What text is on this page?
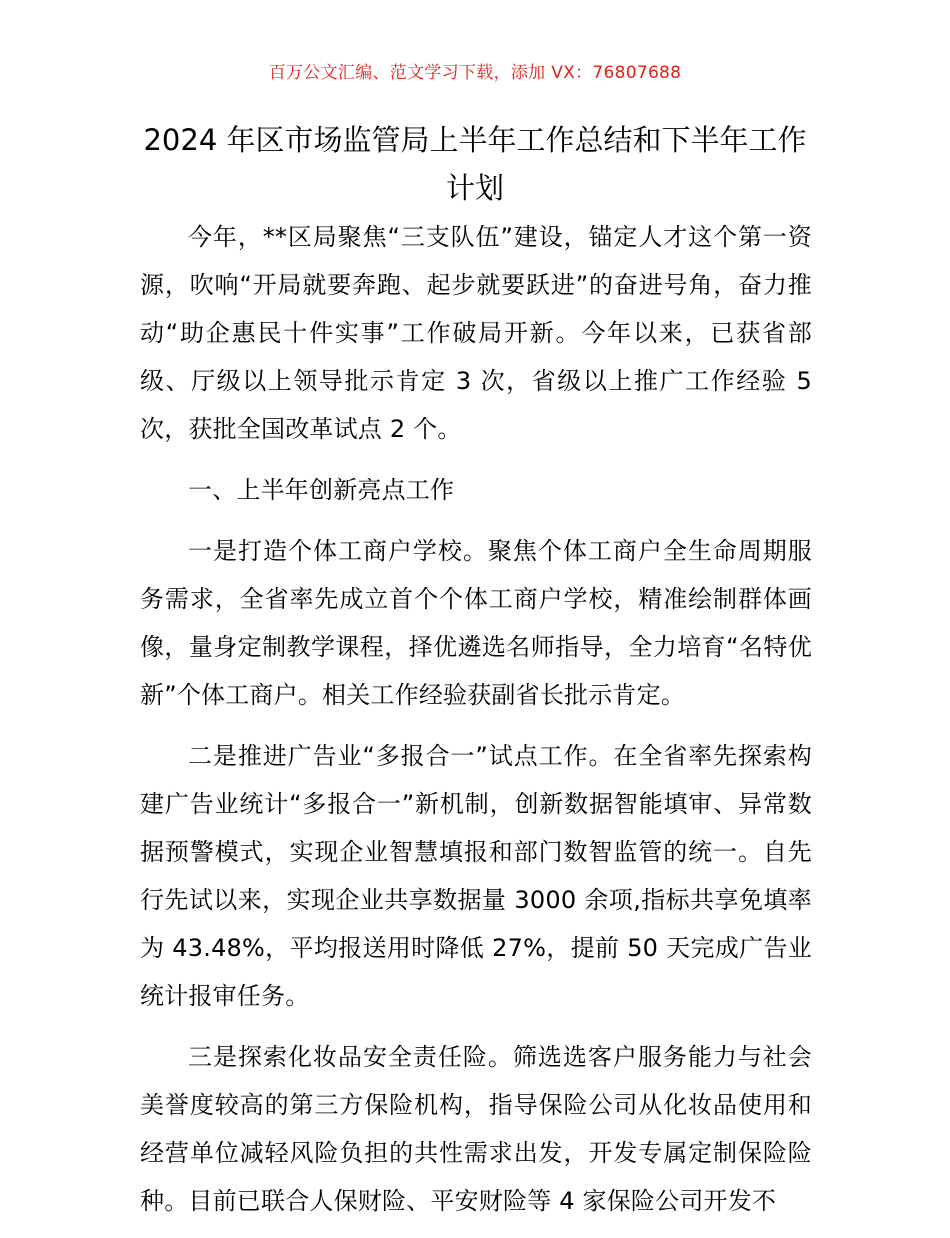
百万公文汇编、范文学习下载，添加 VX：76807688
2024 年区市场监管局上半年工作总结和下半年工作计划

今年，**区局聚焦“三支队伍”建设，锚定人才这个第一资源，吹响“开局就要奔跑、起步就要跃进”的奋进号角，奋力推动“助企惠民十件实事”工作破局开新。今年以来，已获省部级、厅级以上领导批示肯定 3 次，省级以上推广工作经验 5 次，获批全国改革试点 2 个。

一、上半年创新亮点工作

一是打造个体工商户学校。聚焦个体工商户全生命周期服务需求，全省率先成立首个个体工商户学校，精准绘制群体画像，量身定制教学课程，择优遴选名师指导，全力培育“名特优新”个体工商户。相关工作经验获副省长批示肯定。

二是推进广告业“多报合一”试点工作。在全省率先探索构建广告业统计“多报合一”新机制，创新数据智能填审、异常数据预警模式，实现企业智慧填报和部门数智监管的统一。自先行先试以来，实现企业共享数据量 3000 余项,指标共享免填率为 43.48%，平均报送用时降低 27%，提前 50 天完成广告业统计报审任务。

三是探索化妆品安全责任险。筛选选客户服务能力与社会美誉度较高的第三方保险机构，指导保险公司从化妆品使用和经营单位减轻风险负担的共性需求出发，开发专属定制保险险种。目前已联合人保财险、平安财险等 4 家保险公司开发不
